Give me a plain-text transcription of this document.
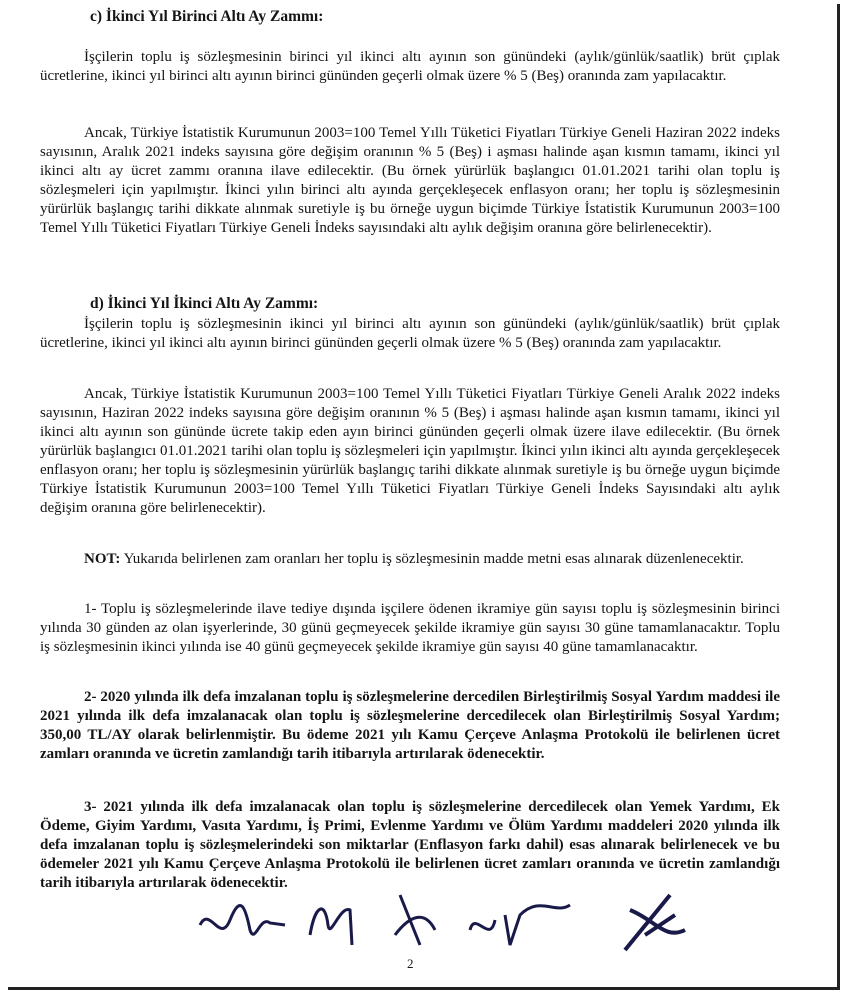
c) İkinci Yıl Birinci Altı Ay Zammı:
İşçilerin toplu iş sözleşmesinin birinci yıl ikinci altı ayının son günündeki (aylık/günlük/saatlik) brüt çıplak ücretlerine, ikinci yıl birinci altı ayının birinci gününden geçerli olmak üzere % 5 (Beş) oranında zam yapılacaktır.
Ancak, Türkiye İstatistik Kurumunun 2003=100 Temel Yıllı Tüketici Fiyatları Türkiye Geneli Haziran 2022 indeks sayısının, Aralık 2021 indeks sayısına göre değişim oranının % 5 (Beş) i aşması halinde aşan kısmın tamamı, ikinci yıl ikinci altı ay ücret zammı oranına ilave edilecektir. (Bu örnek yürürlük başlangıcı 01.01.2021 tarihi olan toplu iş sözleşmeleri için yapılmıştır. İkinci yılın birinci altı ayında gerçekleşecek enflasyon oranı; her toplu iş sözleşmesinin yürürlük başlangıç tarihi dikkate alınmak suretiyle iş bu örneğe uygun biçimde Türkiye İstatistik Kurumunun 2003=100 Temel Yıllı Tüketici Fiyatları Türkiye Geneli İndeks sayısındaki altı aylık değişim oranına göre belirlenecektir).
d) İkinci Yıl İkinci Altı Ay Zammı:
İşçilerin toplu iş sözleşmesinin ikinci yıl birinci altı ayının son günündeki (aylık/günlük/saatlik) brüt çıplak ücretlerine, ikinci yıl ikinci altı ayının birinci gününden geçerli olmak üzere % 5 (Beş) oranında zam yapılacaktır.
Ancak, Türkiye İstatistik Kurumunun 2003=100 Temel Yıllı Tüketici Fiyatları Türkiye Geneli Aralık 2022 indeks sayısının, Haziran 2022 indeks sayısına göre değişim oranının % 5 (Beş) i aşması halinde aşan kısmın tamamı, ikinci yıl ikinci altı ayının son gününde ücrete takip eden ayın birinci gününden geçerli olmak üzere ilave edilecektir. (Bu örnek yürürlük başlangıcı 01.01.2021 tarihi olan toplu iş sözleşmeleri için yapılmıştır. İkinci yılın ikinci altı ayında gerçekleşecek enflasyon oranı; her toplu iş sözleşmesinin yürürlük başlangıç tarihi dikkate alınmak suretiyle iş bu örneğe uygun biçimde Türkiye İstatistik Kurumunun 2003=100 Temel Yıllı Tüketici Fiyatları Türkiye Geneli İndeks Sayısındaki altı aylık değişim oranına göre belirlenecektir).
NOT: Yukarıda belirlenen zam oranları her toplu iş sözleşmesinin madde metni esas alınarak düzenlenecektir.
1- Toplu iş sözleşmelerinde ilave tediye dışında işçilere ödenen ikramiye gün sayısı toplu iş sözleşmesinin birinci yılında 30 günden az olan işyerlerinde, 30 günü geçmeyecek şekilde ikramiye gün sayısı 30 güne tamamlanacaktır. Toplu iş sözleşmesinin ikinci yılında ise 40 günü geçmeyecek şekilde ikramiye gün sayısı 40 güne tamamlanacaktır.
2- 2020 yılında ilk defa imzalanan toplu iş sözleşmelerine dercedilen Birleştirilmiş Sosyal Yardım maddesi ile 2021 yılında ilk defa imzalanacak olan toplu iş sözleşmelerine dercedilecek olan Birleştirilmiş Sosyal Yardım; 350,00 TL/AY olarak belirlenmiştir. Bu ödeme 2021 yılı Kamu Çerçeve Anlaşma Protokolü ile belirlenen ücret zamları oranında ve ücretin zamlandığı tarih itibarıyla artırılarak ödenecektir.
3- 2021 yılında ilk defa imzalanacak olan toplu iş sözleşmelerine dercedilecek olan Yemek Yardımı, Ek Ödeme, Giyim Yardımı, Vasıta Yardımı, İş Primi, Evlenme Yardımı ve Ölüm Yardımı maddeleri 2020 yılında ilk defa imzalanan toplu iş sözleşmelerindeki son miktarlar (Enflasyon farkı dahil) esas alınarak belirlenecek ve bu ödemeler 2021 yılı Kamu Çerçeve Anlaşma Protokolü ile belirlenen ücret zamları oranında ve ücretin zamlandığı tarih itibarıyla artırılarak ödenecektir.
2
